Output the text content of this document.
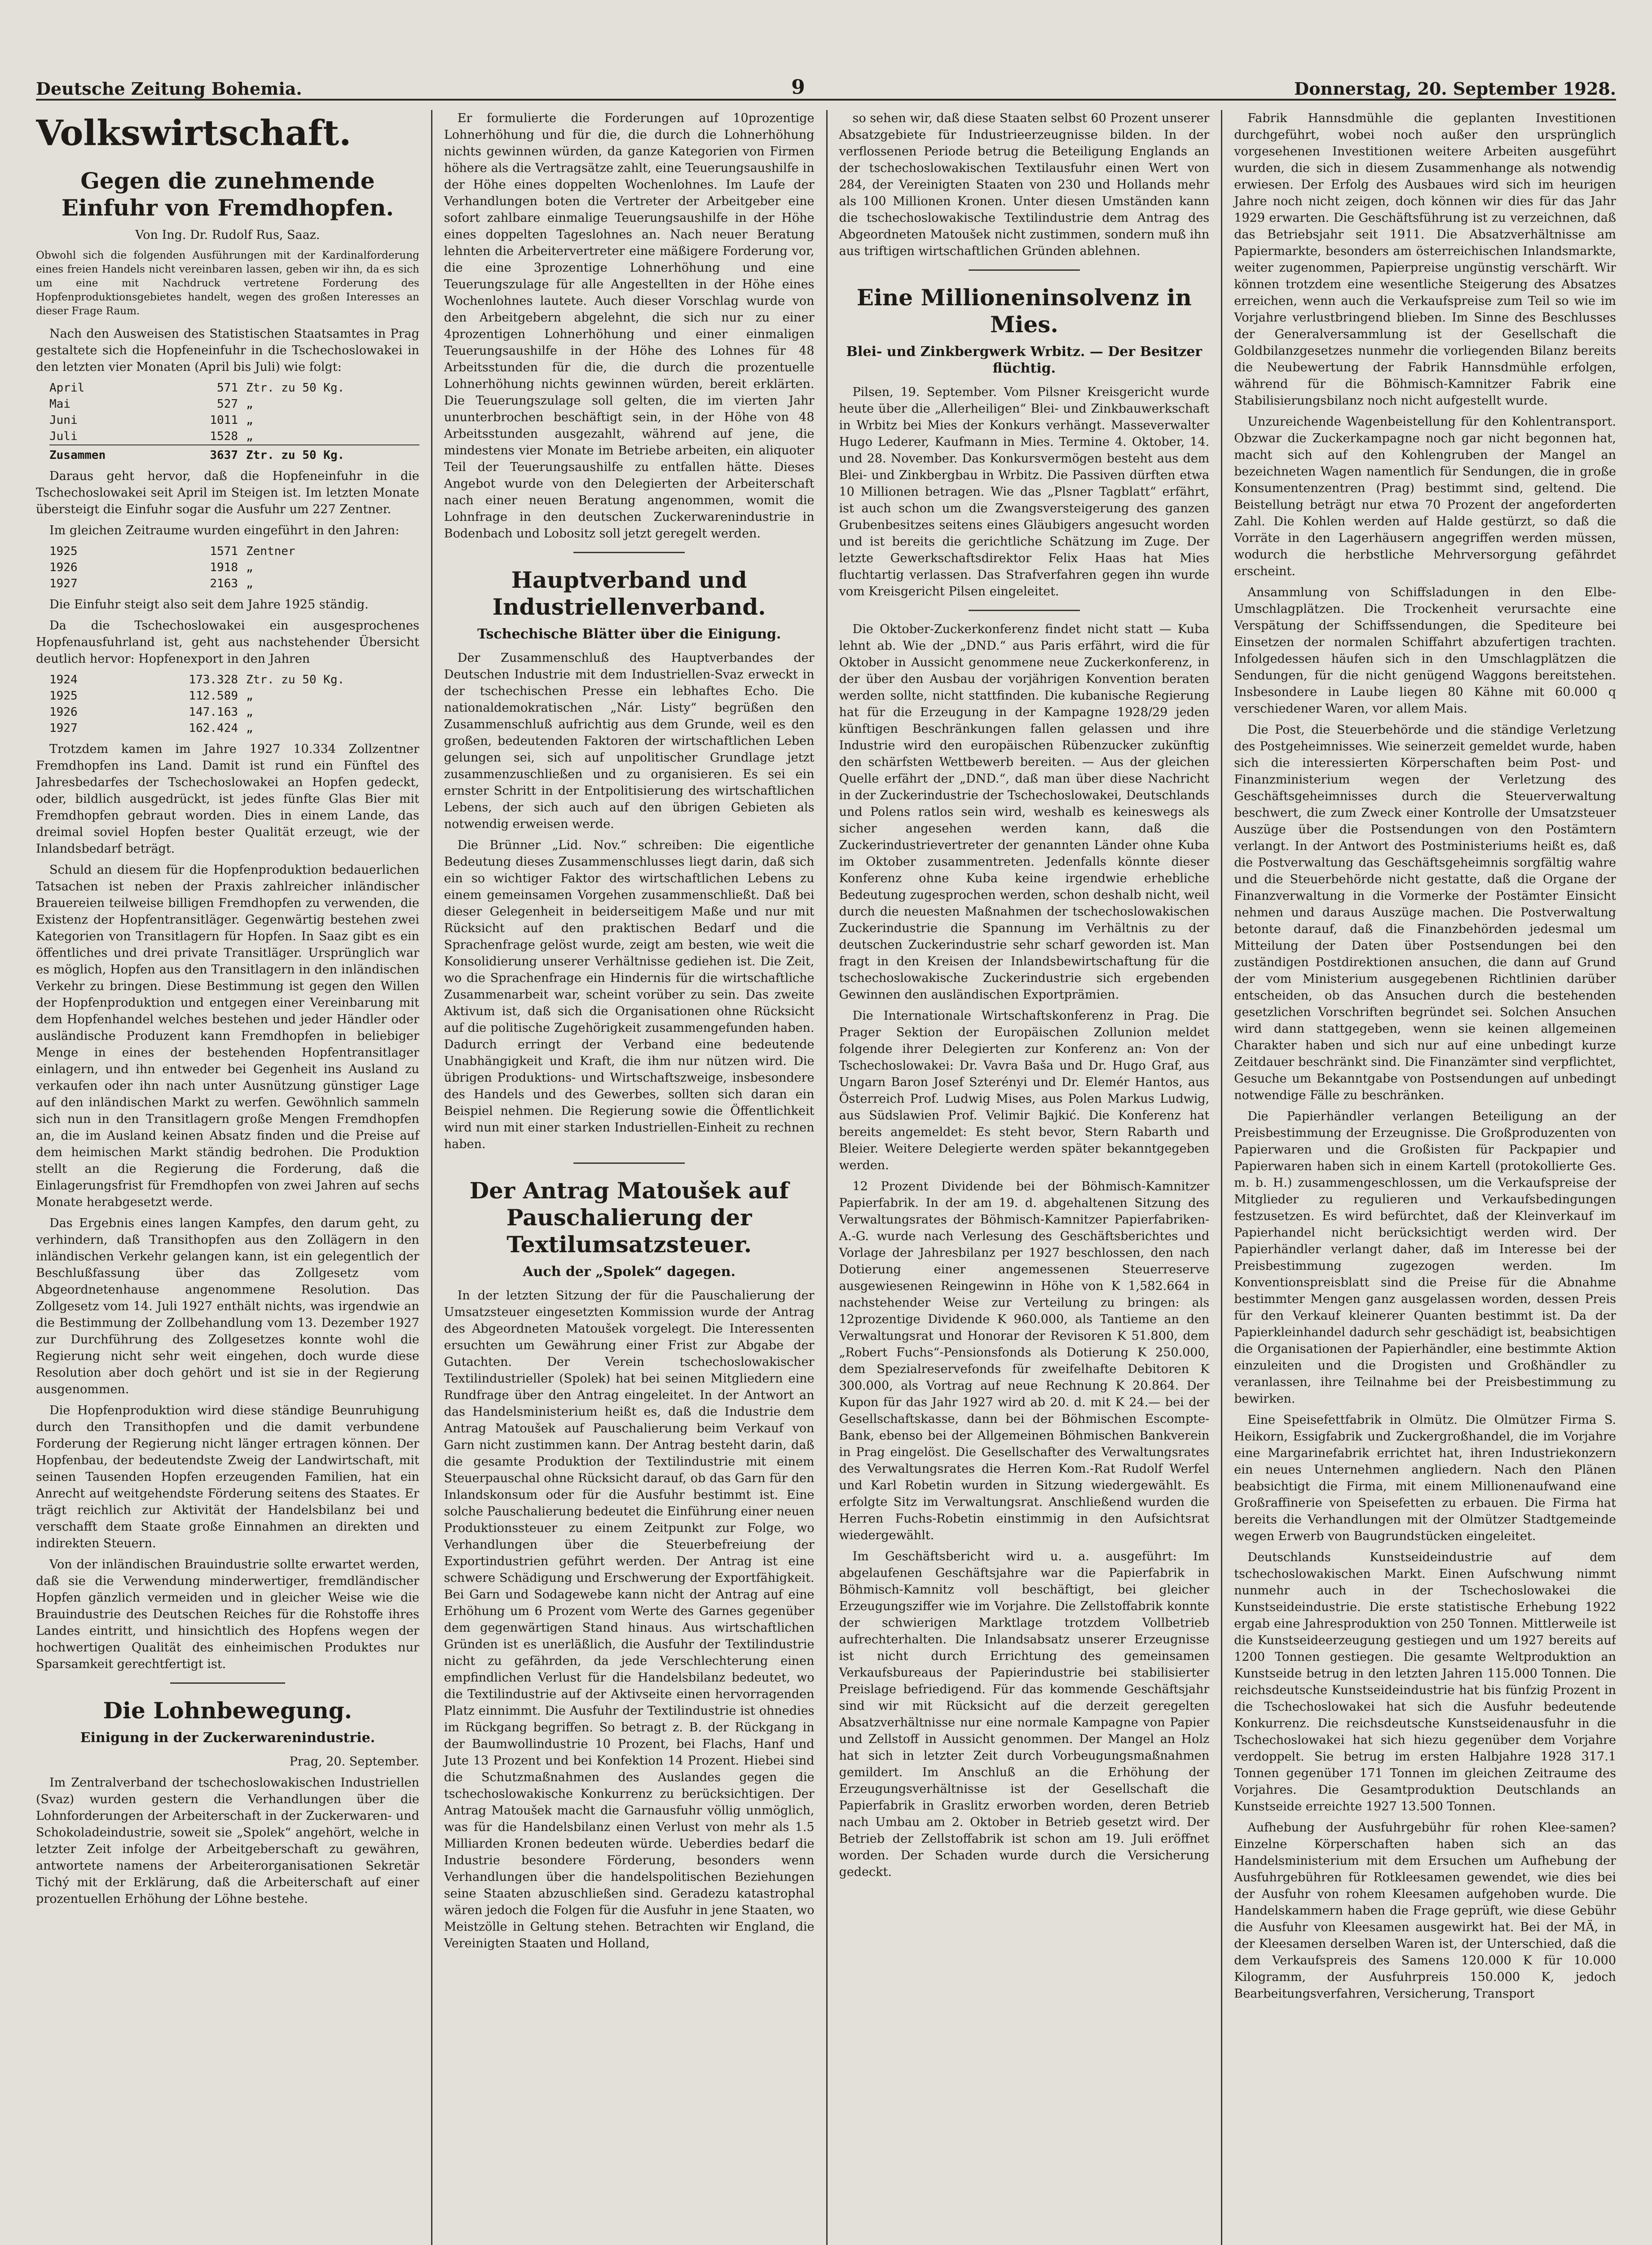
Deutsche Zeitung Bohemia.	9	Donnerstag, 20. September 1928.
Volkswirtschaft.
Gegen die zunehmende Einfuhr von Fremdhopfen.
Von Ing. Dr. Rudolf Rus, Saaz.
Obwohl sich die folgenden Ausführungen mit der Kardinalforderung eines freien Handels nicht vereinbaren lassen, geben wir ihn, da es sich um eine mit Nachdruck vertretene Forderung des Hopfenproduktionsgebietes handelt, wegen des großen Interesses an dieser Frage Raum.
Nach den Ausweisen des Statistischen Staatsamtes in Prag gestaltete sich die Hopfeneinfuhr in die Tschechoslowakei in den letzten vier Monaten (April bis Juli) wie folgt:
April	571 Ztr. zu 50 Kg.
Mai	527 „
Juni	1011 „
Juli	1528 „
Zusammen	3637 Ztr. zu 50 Kg.
Daraus geht hervor, daß die Hopfeneinfuhr in die Tschechoslowakei seit April im Steigen ist. Im letzten Monate übersteigt die Einfuhr sogar die Ausfuhr um 227 Zentner.
Im gleichen Zeitraume wurden eingeführt in den Jahren:
1925	1571 Zentner
1926	1918 „
1927	2163 „
Die Einfuhr steigt also seit dem Jahre 1925 ständig.
Da die Tschechoslowakei ein ausgesprochenes Hopfenausfuhrland ist, geht aus nachstehender Übersicht deutlich hervor: Hopfenexport in den Jahren
1924	173.328 Ztr. zu 50 Kg.
1925	112.589 „
1926	147.163 „
1927	162.424 „
Trotzdem kamen im Jahre 1927 10.334 Zollzentner Fremdhopfen ins Land. Damit ist rund ein Fünftel des Jahresbedarfes der Tschechoslowakei an Hopfen gedeckt, oder, bildlich ausgedrückt, ist jedes fünfte Glas Bier mit Fremdhopfen gebraut worden. Dies in einem Lande, das dreimal soviel Hopfen bester Qualität erzeugt, wie der Inlandsbedarf beträgt.
Schuld an diesem für die Hopfenproduktion bedauerlichen Tatsachen ist neben der Praxis zahlreicher inländischer Brauereien teilweise billigen Fremdhopfen zu verwenden, die Existenz der Hopfentransitläger. Gegenwärtig bestehen zwei Kategorien von Transitlagern für Hopfen. In Saaz gibt es ein öffentliches und drei private Transitläger. Ursprünglich war es möglich, Hopfen aus den Transitlagern in den inländischen Verkehr zu bringen. Diese Bestimmung ist gegen den Willen der Hopfenproduktion und entgegen einer Vereinbarung mit dem Hopfenhandel welches bestehen und jeder Händler oder ausländische Produzent kann Fremdhopfen in beliebiger Menge in eines der bestehenden Hopfentransitlager einlagern, und ihn entweder bei Gegenheit ins Ausland zu verkaufen oder ihn nach unter Ausnützung günstiger Lage auf den inländischen Markt zu werfen. Gewöhnlich sammeln sich nun in den Transitlagern große Mengen Fremdhopfen an, die im Ausland keinen Absatz finden und die Preise auf dem heimischen Markt ständig bedrohen. Die Produktion stellt an die Regierung die Forderung, daß die Einlagerungsfrist für Fremdhopfen von zwei Jahren auf sechs Monate herabgesetzt werde.
Das Ergebnis eines langen Kampfes, den darum geht, zu verhindern, daß Transithopfen aus den Zollägern in den inländischen Verkehr gelangen kann, ist ein gelegentlich der Beschlußfassung über das Zollgesetz vom Abgeordnetenhause angenommene Resolution. Das Zollgesetz vom 14. Juli 1927 enthält nichts, was irgendwie an die Bestimmung der Zollbehandlung vom 13. Dezember 1927 zur Durchführung des Zollgesetzes konnte wohl die Regierung nicht sehr weit eingehen, doch wurde diese Resolution aber doch gehört und ist sie in der Regierung ausgenommen.
Die Hopfenproduktion wird diese ständige Beunruhigung durch den Transithopfen und die damit verbundene Forderung der Regierung nicht länger ertragen können. Der Hopfenbau, der bedeutendste Zweig der Landwirtschaft, mit seinen Tausenden Hopfen erzeugenden Familien, hat ein Anrecht auf weitgehendste Förderung seitens des Staates. Er trägt reichlich zur Aktivität der Handelsbilanz bei und verschafft dem Staate große Einnahmen an direkten und indirekten Steuern.
Von der inländischen Brauindustrie sollte erwartet werden, daß sie die Verwendung minderwertiger, fremdländischer Hopfen gänzlich vermeiden und in gleicher Weise wie die Brauindustrie des Deutschen Reiches für die Rohstoffe ihres Landes eintritt, und hinsichtlich des Hopfens wegen der hochwertigen Qualität des einheimischen Produktes nur Sparsamkeit gerechtfertigt ist.
Die Lohnbewegung.
Einigung in der Zuckerwarenindustrie.
Prag, 20. September.
Im Zentralverband der tschechoslowakischen Industriellen (Svaz) wurden gestern die Verhandlungen über die Lohnforderungen der Arbeiterschaft in der Zuckerwaren- und Schokoladeindustrie, soweit sie „Spolek“ angehört, welche in letzter Zeit infolge der Arbeitgeberschaft zu gewähren, antwortete namens der Arbeiterorganisationen Sekretär Tichý mit der Erklärung, daß die Arbeiterschaft auf einer prozentuellen Erhöhung der Löhne bestehe.
Er formulierte die Forderungen auf 10prozentige Lohnerhöhung und für die, die durch die Lohnerhöhung nichts gewinnen würden, da ganze Kategorien von Firmen höhere als die Vertragsätze zahlt, eine Teuerungsaushilfe in der Höhe eines doppelten Wochenlohnes. Im Laufe der Verhandlungen boten die Vertreter der Arbeitgeber eine sofort zahlbare einmalige Teuerungsaushilfe in der Höhe eines doppelten Tageslohnes an. Nach neuer Beratung lehnten die Arbeitervertreter eine mäßigere Forderung vor, die eine 3prozentige Lohnerhöhung und eine Teuerungszulage für alle Angestellten in der Höhe eines Wochenlohnes lautete. Auch dieser Vorschlag wurde von den Arbeitgebern abgelehnt, die sich nur zu einer 4prozentigen Lohnerhöhung und einer einmaligen Teuerungsaushilfe in der Höhe des Lohnes für 48 Arbeitsstunden für die, die durch die prozentuelle Lohnerhöhung nichts gewinnen würden, bereit erklärten. Die Teuerungszulage soll gelten, die im vierten Jahr ununterbrochen beschäftigt sein, in der Höhe von 48 Arbeitsstunden ausgezahlt, während auf jene, die mindestens vier Monate im Betriebe arbeiten, ein aliquoter Teil der Teuerungsaushilfe zu entfallen hätte. Dieses Angebot wurde von den Delegierten der Arbeiterschaft nach einer neuen Beratung angenommen, womit die Lohnfrage in den deutschen Zuckerwarenindustrie in Bodenbach und Lobositz soll jetzt geregelt werden.
Hauptverband und Industriellenverband.
Tschechische Blätter über die Einigung.
Der Zusammenschluß des Hauptverbandes der Deutschen Industrie mit dem Industriellen-Svaz erweckt in der tschechischen Presse ein lebhaftes Echo. Die nationaldemokratischen „Nár. Listy“ begrüßen den Zusammenschluß aufrichtig aus dem Grunde, weil es den großen, bedeutenden Faktoren der wirtschaftlichen Leben gelungen sei, sich auf unpolitischer Grundlage jetzt zusammenzuschließen und zu organisieren. Es sei ein ernster Schritt in der Entpolitisierung des wirtschaftlichen Lebens, der sich auch auf den übrigen Gebieten als notwendig erweisen werde.
Die Brünner „Lid. Nov.“ schreiben: Die eigentliche Bedeutung dieses Zusammenschlusses liegt darin, daß sich ein so wichtiger Faktor des wirtschaftlichen Lebens zu einem gemeinsamen Vorgehen zusammenschließt. Daß bei dieser Gelegenheit in beiderseitigem Maße und nur mit Rücksicht auf den praktischen Bedarf und die Sprachenfrage gelöst wurde, zeigt am besten, wie weit die Konsolidierung unserer Verhältnisse gediehen ist. Die Zeit, wo die Sprachenfrage ein Hindernis für die wirtschaftliche Zusammenarbeit war, scheint vorüber zu sein. Das zweite Aktivum ist, daß sich die Organisationen ohne Rücksicht auf die politische Zugehörigkeit zusammengefunden haben. Dadurch erringt der Verband eine bedeutende Unabhängigkeit und Kraft, die ihm nur nützen wird. Die übrigen Produktions- und Wirtschaftszweige, insbesondere des Handels und des Gewerbes, sollten sich daran ein Beispiel nehmen. Die Regierung sowie die Öffentlichkeit wird nun mit einer starken Industriellen-Einheit zu rechnen haben.
Der Antrag Matoušek auf Pauschalierung der Textilumsatzsteuer.
Auch der „Spolek“ dagegen.
In der letzten Sitzung der für die Pauschalierung der Umsatzsteuer eingesetzten Kommission wurde der Antrag des Abgeordneten Matoušek vorgelegt. Die Interessenten ersuchten um Gewährung einer Frist zur Abgabe der Gutachten. Der Verein tschechoslowakischer Textilindustrieller (Spolek) hat bei seinen Mitgliedern eine Rundfrage über den Antrag eingeleitet. In der Antwort an das Handelsministerium heißt es, daß die Industrie dem Antrag Matoušek auf Pauschalierung beim Verkauf von Garn nicht zustimmen kann. Der Antrag besteht darin, daß die gesamte Produktion der Textilindustrie mit einem Steuerpauschal ohne Rücksicht darauf, ob das Garn für den Inlandskonsum oder für die Ausfuhr bestimmt ist. Eine solche Pauschalierung bedeutet die Einführung einer neuen Produktionssteuer zu einem Zeitpunkt zur Folge, wo Verhandlungen über die Steuerbefreiung der Exportindustrien geführt werden. Der Antrag ist eine schwere Schädigung und Erschwerung der Exportfähigkeit. Bei Garn und Sodagewebe kann nicht der Antrag auf eine Erhöhung um 6 Prozent vom Werte des Garnes gegenüber dem gegenwärtigen Stand hinaus. Aus wirtschaftlichen Gründen ist es unerläßlich, die Ausfuhr der Textilindustrie nicht zu gefährden, da jede Verschlechterung einen empfindlichen Verlust für die Handelsbilanz bedeutet, wo die Textilindustrie auf der Aktivseite einen hervorragenden Platz einnimmt. Die Ausfuhr der Textilindustrie ist ohnedies im Rückgang begriffen. So betragt z. B. der Rückgang in der Baumwollindustrie 10 Prozent, bei Flachs, Hanf und Jute 13 Prozent und bei Konfektion 14 Prozent. Hiebei sind die Schutzmaßnahmen des Auslandes gegen die tschechoslowakische Konkurrenz zu berücksichtigen. Der Antrag Matoušek macht die Garnausfuhr völlig unmöglich, was für die Handelsbilanz einen Verlust von mehr als 1.5 Milliarden Kronen bedeuten würde. Ueberdies bedarf die Industrie besondere Förderung, besonders wenn Verhandlungen über die handelspolitischen Beziehungen seine Staaten abzuschließen sind. Geradezu katastrophal wären jedoch die Folgen für die Ausfuhr in jene Staaten, wo Meistzölle in Geltung stehen. Betrachten wir England, die Vereinigten Staaten und Holland,
so sehen wir, daß diese Staaten selbst 60 Prozent unserer Absatzgebiete für Industrieerzeugnisse bilden. In der verflossenen Periode betrug die Beteiligung Englands an der tschechoslowakischen Textilausfuhr einen Wert von 284, der Vereinigten Staaten von 230 und Hollands mehr als 100 Millionen Kronen. Unter diesen Umständen kann die tschechoslowakische Textilindustrie dem Antrag des Abgeordneten Matoušek nicht zustimmen, sondern muß ihn aus triftigen wirtschaftlichen Gründen ablehnen.
Eine Millioneninsolvenz in Mies.
Blei- und Zinkbergwerk Wrbitz. — Der Besitzer flüchtig.
Pilsen, 19. September. Vom Pilsner Kreisgericht wurde heute über die „Allerheiligen“ Blei- und Zinkbauwerkschaft in Wrbitz bei Mies der Konkurs verhängt. Masseverwalter Hugo Lederer, Kaufmann in Mies. Termine 4. Oktober, 14. und 28. November. Das Konkursvermögen besteht aus dem Blei- und Zinkbergbau in Wrbitz. Die Passiven dürften etwa 10 Millionen betragen. Wie das „Plsner Tagblatt“ erfährt, ist auch schon um die Zwangsversteigerung des ganzen Grubenbesitzes seitens eines Gläubigers angesucht worden und ist bereits die gerichtliche Schätzung im Zuge. Der letzte Gewerkschaftsdirektor Felix Haas hat Mies fluchtartig verlassen. Das Strafverfahren gegen ihn wurde vom Kreisgericht Pilsen eingeleitet.
Die Oktober-Zuckerkonferenz findet nicht statt — Kuba lehnt ab. Wie der „DND.“ aus Paris erfährt, wird die für Oktober in Aussicht genommene neue Zuckerkonferenz, in der über den Ausbau der vorjährigen Konvention beraten werden sollte, nicht stattfinden. Die kubanische Regierung hat für die Erzeugung in der Kampagne 1928/29 jeden künftigen Beschränkungen fallen gelassen und ihre Industrie wird den europäischen Rübenzucker zukünftig den schärfsten Wettbewerb bereiten. — Aus der gleichen Quelle erfährt der „DND.“, daß man über diese Nachricht in der Zuckerindustrie der Tschechoslowakei, Deutschlands und Polens ratlos sein wird, weshalb es keineswegs als sicher angesehen werden kann, daß die Zuckerindustrievertreter der genannten Länder ohne Kuba im Oktober zusammentreten. Jedenfalls könnte dieser Konferenz ohne Kuba keine irgendwie erhebliche Bedeutung zugesprochen werden, schon deshalb nicht, weil durch die neuesten Maßnahmen der tschechoslowakischen Zuckerindustrie die Spannung im Verhältnis zu der deutschen Zuckerindustrie sehr scharf geworden ist. Man fragt in den Kreisen der Inlandsbewirtschaftung für die tschechoslowakische Zuckerindustrie sich ergebenden Gewinnen den ausländischen Exportprämien.
Die Internationale Wirtschaftskonferenz in Prag. Die Prager Sektion der Europäischen Zollunion meldet folgende ihrer Delegierten zur Konferenz an: Von der Tschechoslowakei: Dr. Vavra Baša und Dr. Hugo Graf, aus Ungarn Baron Josef Szterényi und Dr. Elemér Hantos, aus Österreich Prof. Ludwig Mises, aus Polen Markus Ludwig, aus Südslawien Prof. Velimir Bajkić. Die Konferenz hat bereits angemeldet: Es steht bevor, Stern Rabarth und Bleier. Weitere Delegierte werden später bekanntgegeben werden.
12 Prozent Dividende bei der Böhmisch-Kamnitzer Papierfabrik. In der am 19. d. abgehaltenen Sitzung des Verwaltungsrates der Böhmisch-Kamnitzer Papierfabriken-A.-G. wurde nach Verlesung des Geschäftsberichtes und Vorlage der Jahresbilanz per 1927 beschlossen, den nach Dotierung einer angemessenen Steuerreserve ausgewiesenen Reingewinn in Höhe von K 1,582.664 in nachstehender Weise zur Verteilung zu bringen: als 12prozentige Dividende K 960.000, als Tantieme an den Verwaltungsrat und Honorar der Revisoren K 51.800, dem „Robert Fuchs“-Pensionsfonds als Dotierung K 250.000, dem Spezialreservefonds für zweifelhafte Debitoren K 300.000, als Vortrag auf neue Rechnung K 20.864. Der Kupon für das Jahr 1927 wird ab 20. d. mit K 24.— bei der Gesellschaftskasse, dann bei der Böhmischen Escompte-Bank, ebenso bei der Allgemeinen Böhmischen Bankverein in Prag eingelöst. Die Gesellschafter des Verwaltungsrates des Verwaltungsrates die Herren Kom.-Rat Rudolf Werfel und Karl Robetin wurden in Sitzung wiedergewählt. Es erfolgte Sitz im Verwaltungsrat. Anschließend wurden die Herren Fuchs-Robetin einstimmig in den Aufsichtsrat wiedergewählt.
Im Geschäftsbericht wird u. a. ausgeführt: Im abgelaufenen Geschäftsjahre war die Papierfabrik in Böhmisch-Kamnitz voll beschäftigt, bei gleicher Erzeugungsziffer wie im Vorjahre. Die Zellstoffabrik konnte der schwierigen Marktlage trotzdem Vollbetrieb aufrechterhalten. Die Inlandsabsatz unserer Erzeugnisse ist nicht durch Errichtung des gemeinsamen Verkaufsbureaus der Papierindustrie bei stabilisierter Preislage befriedigend. Für das kommende Geschäftsjahr sind wir mit Rücksicht auf die derzeit geregelten Absatzverhältnisse nur eine normale Kampagne von Papier und Zellstoff in Aussicht genommen. Der Mangel an Holz hat sich in letzter Zeit durch Vorbeugungsmaßnahmen gemildert. Im Anschluß an die Erhöhung der Erzeugungsverhältnisse ist der Gesellschaft die Papierfabrik in Graslitz erworben worden, deren Betrieb nach Umbau am 2. Oktober in Betrieb gesetzt wird. Der Betrieb der Zellstoffabrik ist schon am 19. Juli eröffnet worden. Der Schaden wurde durch die Versicherung gedeckt.
Fabrik Hannsdmühle die geplanten Investitionen durchgeführt, wobei noch außer den ursprünglich vorgesehenen Investitionen weitere Arbeiten ausgeführt wurden, die sich in diesem Zusammenhange als notwendig erwiesen. Der Erfolg des Ausbaues wird sich im heurigen Jahre noch nicht zeigen, doch können wir dies für das Jahr 1929 erwarten. Die Geschäftsführung ist zu verzeichnen, daß das Betriebsjahr seit 1911. Die Absatzverhältnisse am Papiermarkte, besonders am österreichischen Inlandsmarkte, weiter zugenommen, Papierpreise ungünstig verschärft. Wir können trotzdem eine wesentliche Steigerung des Absatzes erreichen, wenn auch die Verkaufspreise zum Teil so wie im Vorjahre verlustbringend blieben. Im Sinne des Beschlusses der Generalversammlung ist der Gesellschaft die Goldbilanzgesetzes nunmehr die vorliegenden Bilanz bereits die Neubewertung der Fabrik Hannsdmühle erfolgen, während für die Böhmisch-Kamnitzer Fabrik eine Stabilisierungsbilanz noch nicht aufgestellt wurde.
Unzureichende Wagenbeistellung für den Kohlentransport. Obzwar die Zuckerkampagne noch gar nicht begonnen hat, macht sich auf den Kohlengruben der Mangel an bezeichneten Wagen namentlich für Sendungen, die in große Konsumentenzentren (Prag) bestimmt sind, geltend. Die Beistellung beträgt nur etwa 70 Prozent der angeforderten Zahl. Die Kohlen werden auf Halde gestürzt, so daß die Vorräte in den Lagerhäusern angegriffen werden müssen, wodurch die herbstliche Mehrversorgung gefährdet erscheint.
Ansammlung von Schiffsladungen in den Elbe-Umschlagplätzen. Die Trockenheit verursachte eine Verspätung der Schiffssendungen, die Spediteure bei Einsetzen der normalen Schiffahrt abzufertigen trachten. Infolgedessen häufen sich in den Umschlagplätzen die Sendungen, für die nicht genügend Waggons bereitstehen. Insbesondere in Laube liegen 80 Kähne mit 60.000 q verschiedener Waren, vor allem Mais.
Die Post, die Steuerbehörde und die ständige Verletzung des Postgeheimnisses. Wie seinerzeit gemeldet wurde, haben sich die interessierten Körperschaften beim Post- und Finanzministerium wegen der Verletzung des Geschäftsgeheimnisses durch die Steuerverwaltung beschwert, die zum Zweck einer Kontrolle der Umsatzsteuer Auszüge über die Postsendungen von den Postämtern verlangt. In der Antwort des Postministeriums heißt es, daß die Postverwaltung das Geschäftsgeheimnis sorgfältig wahre und die Steuerbehörde nicht gestatte, daß die Organe der Finanzverwaltung in die Vormerke der Postämter Einsicht nehmen und daraus Auszüge machen. Die Postverwaltung betonte darauf, daß die Finanzbehörden jedesmal um Mitteilung der Daten über Postsendungen bei den zuständigen Postdirektionen ansuchen, die dann auf Grund der vom Ministerium ausgegebenen Richtlinien darüber entscheiden, ob das Ansuchen durch die bestehenden gesetzlichen Vorschriften begründet sei. Solchen Ansuchen wird dann stattgegeben, wenn sie keinen allgemeinen Charakter haben und sich nur auf eine unbedingt kurze Zeitdauer beschränkt sind. Die Finanzämter sind verpflichtet, Gesuche um Bekanntgabe von Postsendungen auf unbedingt notwendige Fälle zu beschränken.
Die Papierhändler verlangen Beteiligung an der Preisbestimmung der Erzeugnisse. Die Großproduzenten von Papierwaren und die Großisten für Packpapier und Papierwaren haben sich in einem Kartell (protokollierte Ges. m. b. H.) zusammengeschlossen, um die Verkaufspreise der Mitglieder zu regulieren und Verkaufsbedingungen festzusetzen. Es wird befürchtet, daß der Kleinverkauf im Papierhandel nicht berücksichtigt werden wird. Der Papierhändler verlangt daher, daß im Interesse bei der Preisbestimmung zugezogen werden. Im Konventionspreisblatt sind die Preise für die Abnahme bestimmter Mengen ganz ausgelassen worden, dessen Preis für den Verkauf kleinerer Quanten bestimmt ist. Da der Papierkleinhandel dadurch sehr geschädigt ist, beabsichtigen die Organisationen der Papierhändler, eine bestimmte Aktion einzuleiten und die Drogisten und Großhändler zu veranlassen, ihre Teilnahme bei der Preisbestimmung zu bewirken.
Eine Speisefettfabrik in Olmütz. Die Olmützer Firma S. Heikorn, Essigfabrik und Zuckergroßhandel, die im Vorjahre eine Margarinefabrik errichtet hat, ihren Industriekonzern ein neues Unternehmen angliedern. Nach den Plänen beabsichtigt die Firma, mit einem Millionenaufwand eine Großraffinerie von Speisefetten zu erbauen. Die Firma hat bereits die Verhandlungen mit der Olmützer Stadtgemeinde wegen Erwerb von Baugrundstücken eingeleitet.
Deutschlands Kunstseideindustrie auf dem tschechoslowakischen Markt. Einen Aufschwung nimmt nunmehr auch in der Tschechoslowakei die Kunstseideindustrie. Die erste statistische Erhebung 1922 ergab eine Jahresproduktion von 250 Tonnen. Mittlerweile ist die Kunstseideerzeugung gestiegen und um 1927 bereits auf 1200 Tonnen gestiegen. Die gesamte Weltproduktion an Kunstseide betrug in den letzten Jahren 115.000 Tonnen. Die reichsdeutsche Kunstseideindustrie hat bis fünfzig Prozent in die Tschechoslowakei hat sich die Ausfuhr bedeutende Konkurrenz. Die reichsdeutsche Kunstseidenausfuhr in die Tschechoslowakei hat sich hiezu gegenüber dem Vorjahre verdoppelt. Sie betrug im ersten Halbjahre 1928 317.1 Tonnen gegenüber 171 Tonnen im gleichen Zeitraume des Vorjahres. Die Gesamtproduktion Deutschlands an Kunstseide erreichte 1927 13.500 Tonnen.
Aufhebung der Ausfuhrgebühr für rohen Klee-samen? Einzelne Körperschaften haben sich an das Handelsministerium mit dem Ersuchen um Aufhebung der Ausfuhrgebühren für Rotkleesamen gewendet, wie dies bei der Ausfuhr von rohem Kleesamen aufgehoben wurde. Die Handelskammern haben die Frage geprüft, wie diese Gebühr die Ausfuhr von Kleesamen ausgewirkt hat. Bei der MÄ, in der Kleesamen derselben Waren ist, der Unterschied, daß die dem Verkaufspreis des Samens 120.000 K für 10.000 Kilogramm, der Ausfuhrpreis 150.000 K, jedoch Bearbeitungsverfahren, Versicherung, Transport
